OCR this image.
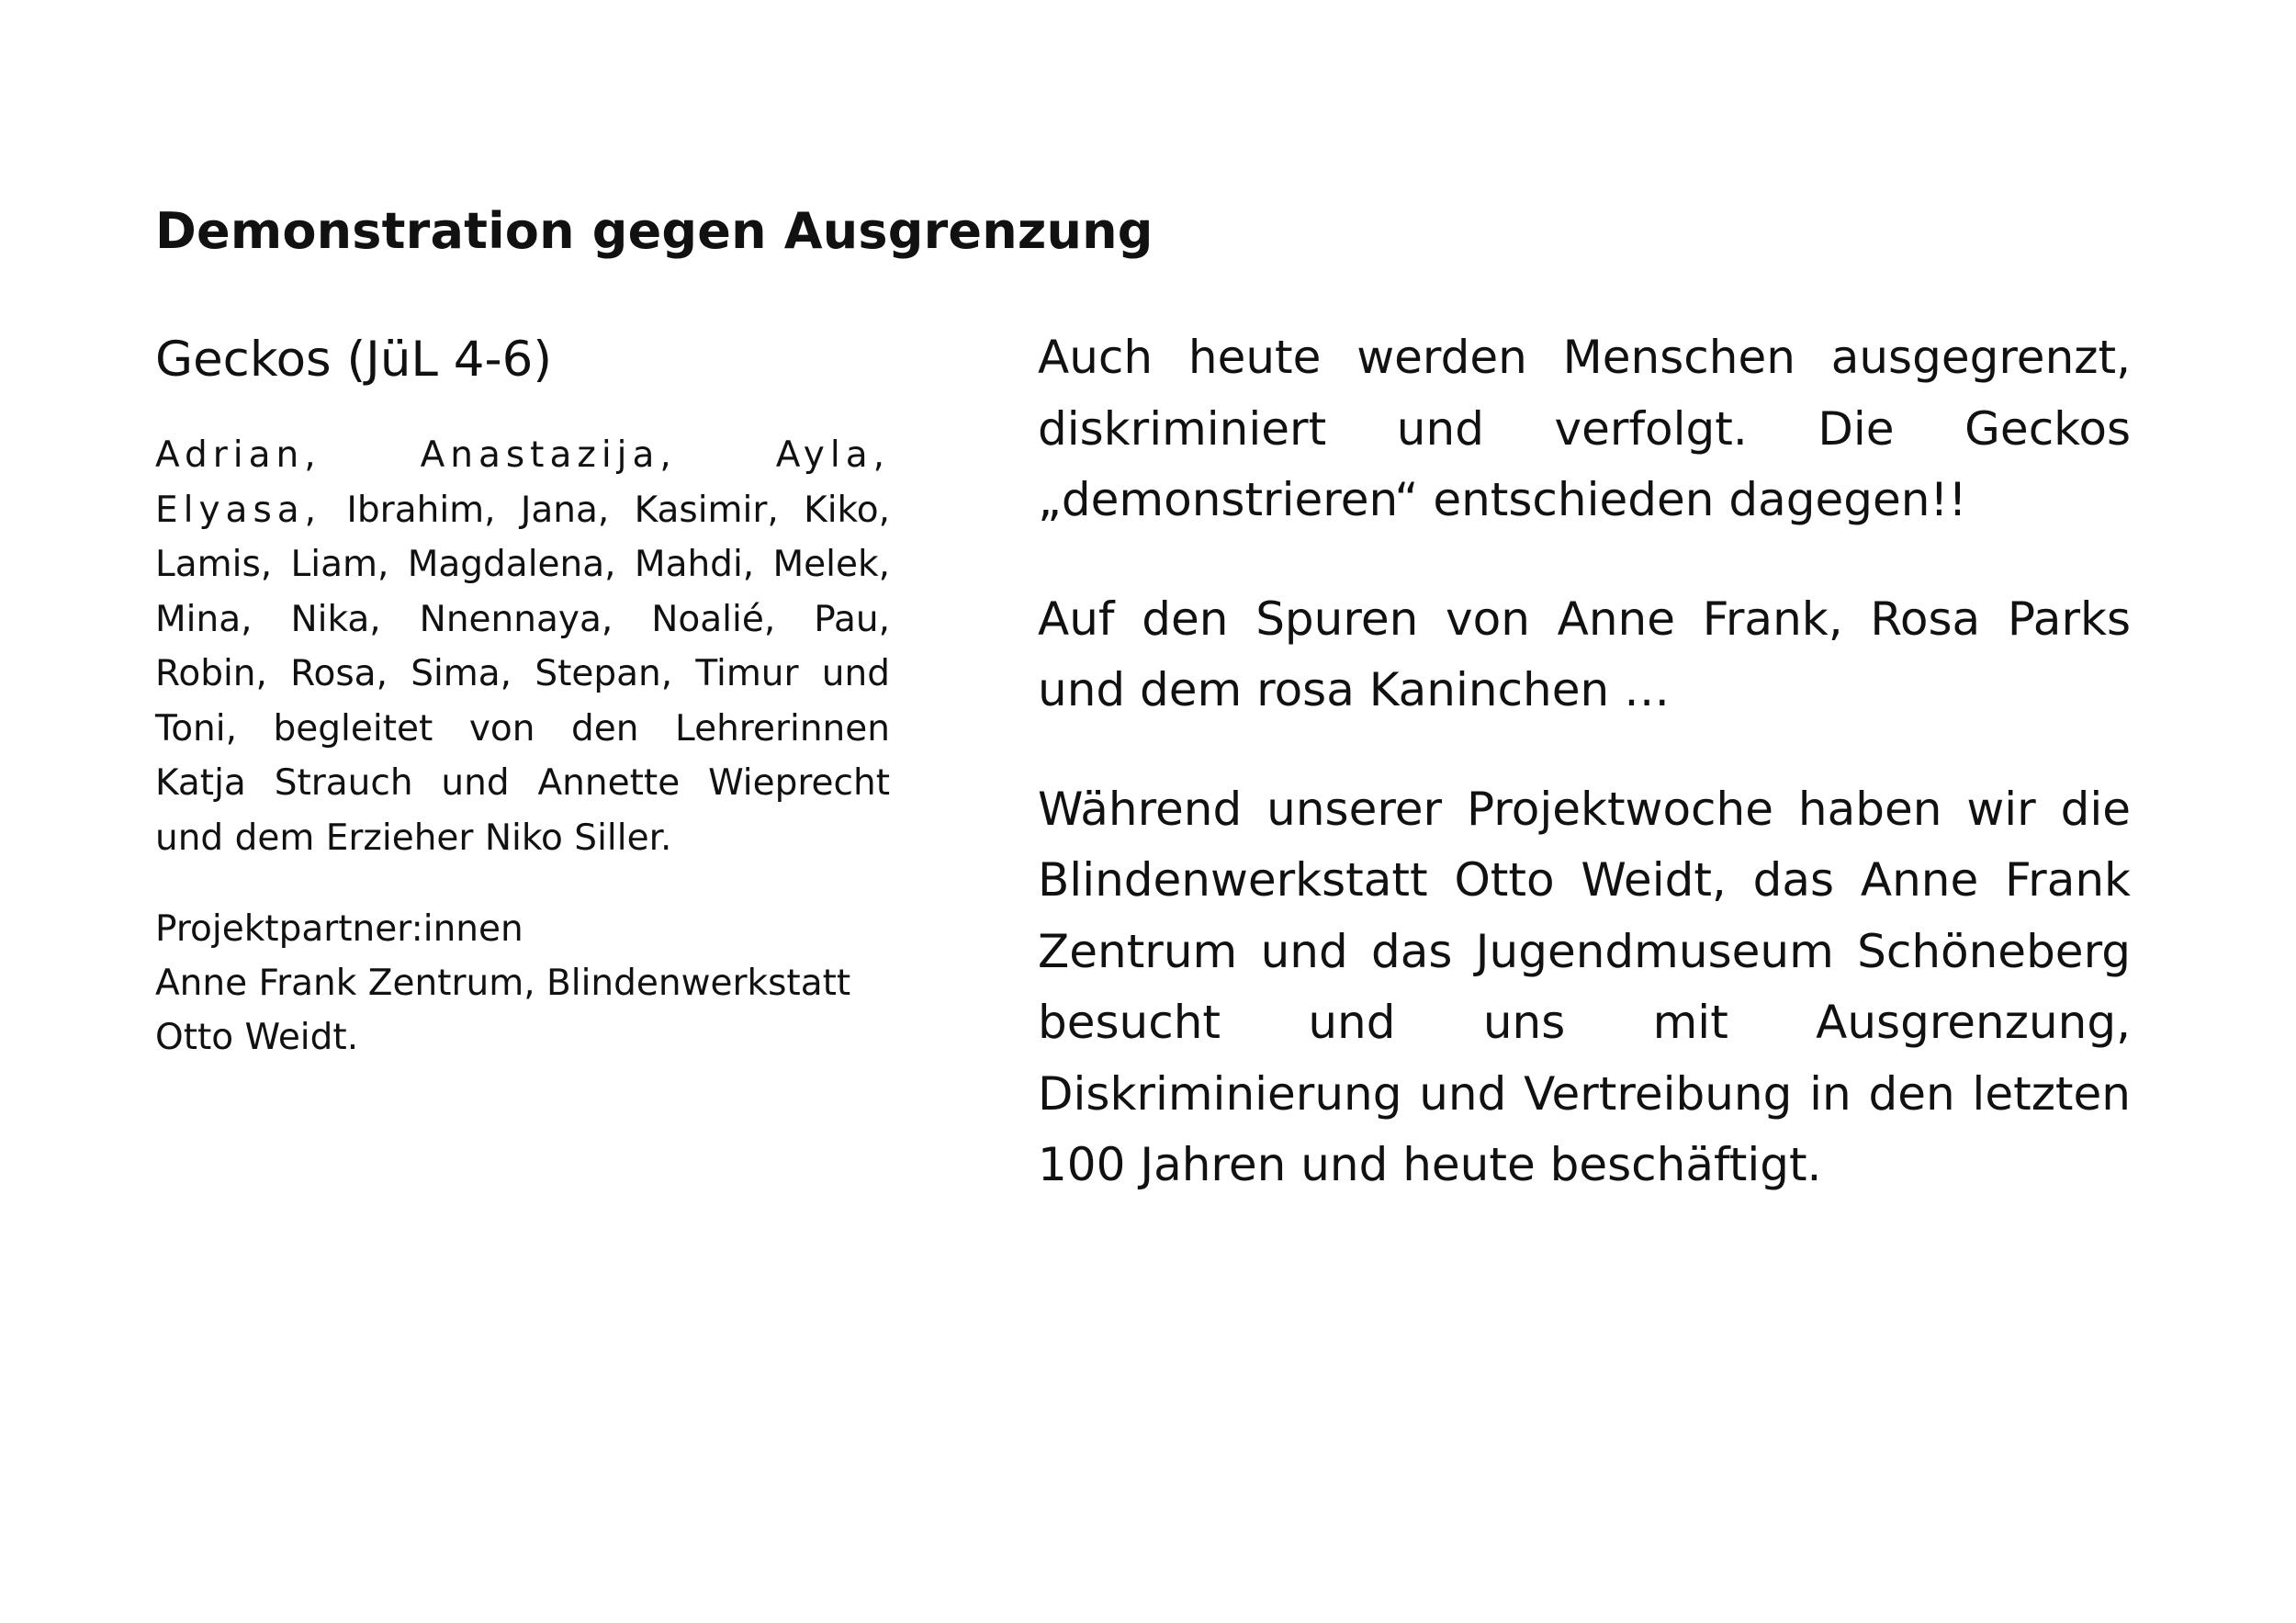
Demonstration gegen Ausgrenzung
Geckos (JüL 4-6)

Adrian, Anastazija, Ayla, Elyasa, Ibrahim, Jana, Kasimir, Kiko, Lamis, Liam, Magdalena, Mahdi, Melek, Mina, Nika, Nnennaya, Noalié, Pau, Robin, Rosa, Sima, Stepan, Timur und Toni, begleitet von den Lehrerinnen Katja Strauch und Annette Wieprecht und dem Erzieher Niko Siller.

Projektpartner:innen
Anne Frank Zentrum, Blindenwerkstatt Otto Weidt.

Auch heute werden Menschen ausgegrenzt, diskriminiert und verfolgt. Die Geckos „demonstrieren“ entschieden dagegen!!

Auf den Spuren von Anne Frank, Rosa Parks und dem rosa Kaninchen …

Während unserer Projektwoche haben wir die Blindenwerkstatt Otto Weidt, das Anne Frank Zentrum und das Jugendmuseum Schöneberg besucht und uns mit Ausgrenzung, Diskriminierung und Vertreibung in den letzten 100 Jahren und heute beschäftigt.
